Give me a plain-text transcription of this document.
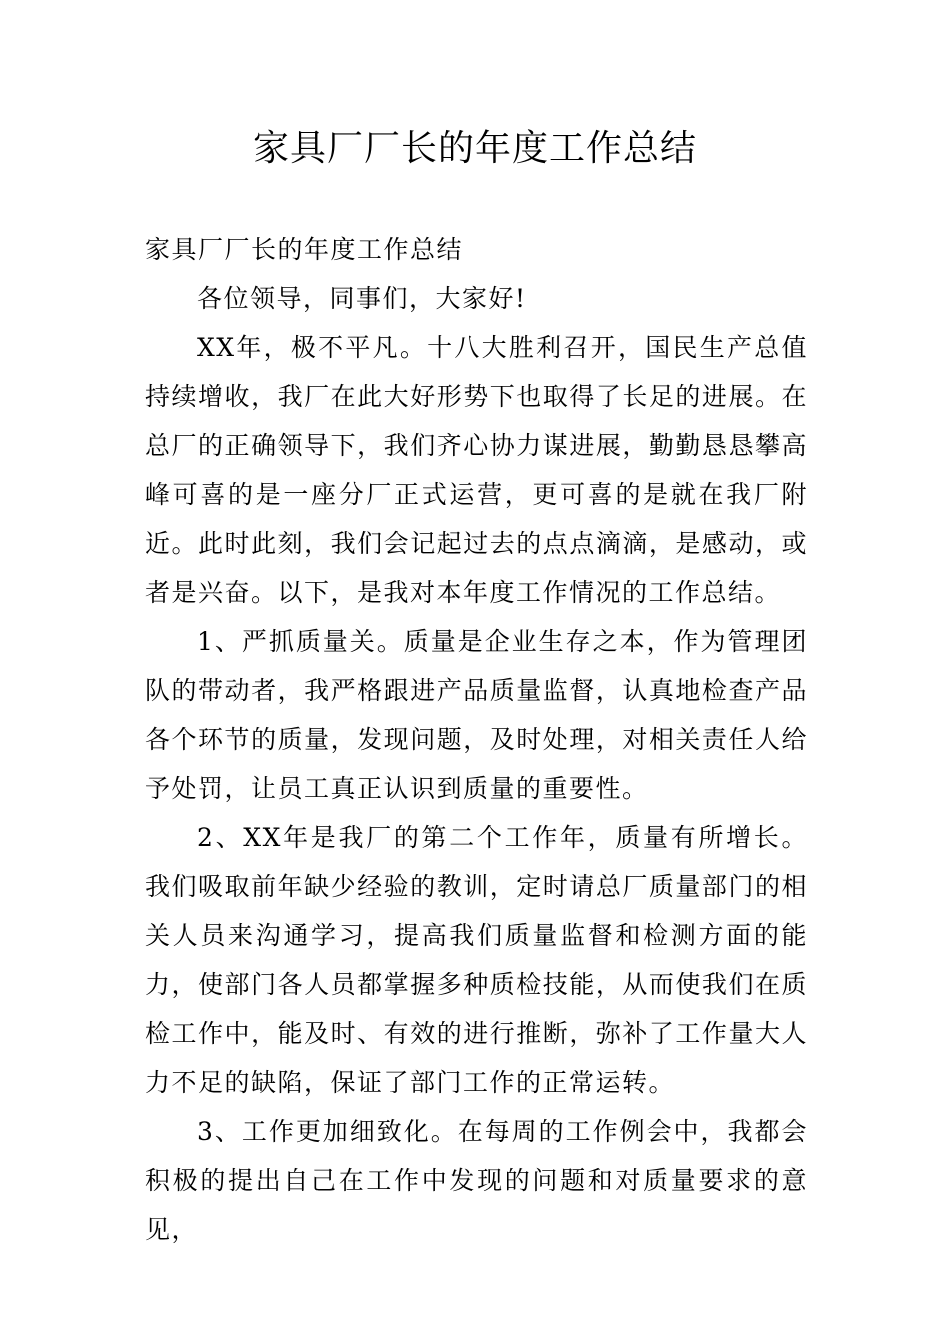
家具厂厂长的年度工作总结

家具厂厂长的年度工作总结

各位领导，同事们，大家好!

XX年，极不平凡。十八大胜利召开，国民生产总值持续增收，我厂在此大好形势下也取得了长足的进展。在总厂的正确领导下，我们齐心协力谋进展，勤勤恳恳攀高峰可喜的是一座分厂正式运营，更可喜的是就在我厂附近。此时此刻，我们会记起过去的点点滴滴，是感动，或者是兴奋。以下，是我对本年度工作情况的工作总结。

1、严抓质量关。质量是企业生存之本，作为管理团队的带动者，我严格跟进产品质量监督，认真地检查产品各个环节的质量，发现问题，及时处理，对相关责任人给予处罚，让员工真正认识到质量的重要性。

2、XX年是我厂的第二个工作年，质量有所增长。我们吸取前年缺少经验的教训，定时请总厂质量部门的相关人员来沟通学习，提高我们质量监督和检测方面的能力，使部门各人员都掌握多种质检技能，从而使我们在质检工作中，能及时、有效的进行推断，弥补了工作量大人力不足的缺陷，保证了部门工作的正常运转。

3、工作更加细致化。在每周的工作例会中，我都会积极的提出自己在工作中发现的问题和对质量要求的意见，
